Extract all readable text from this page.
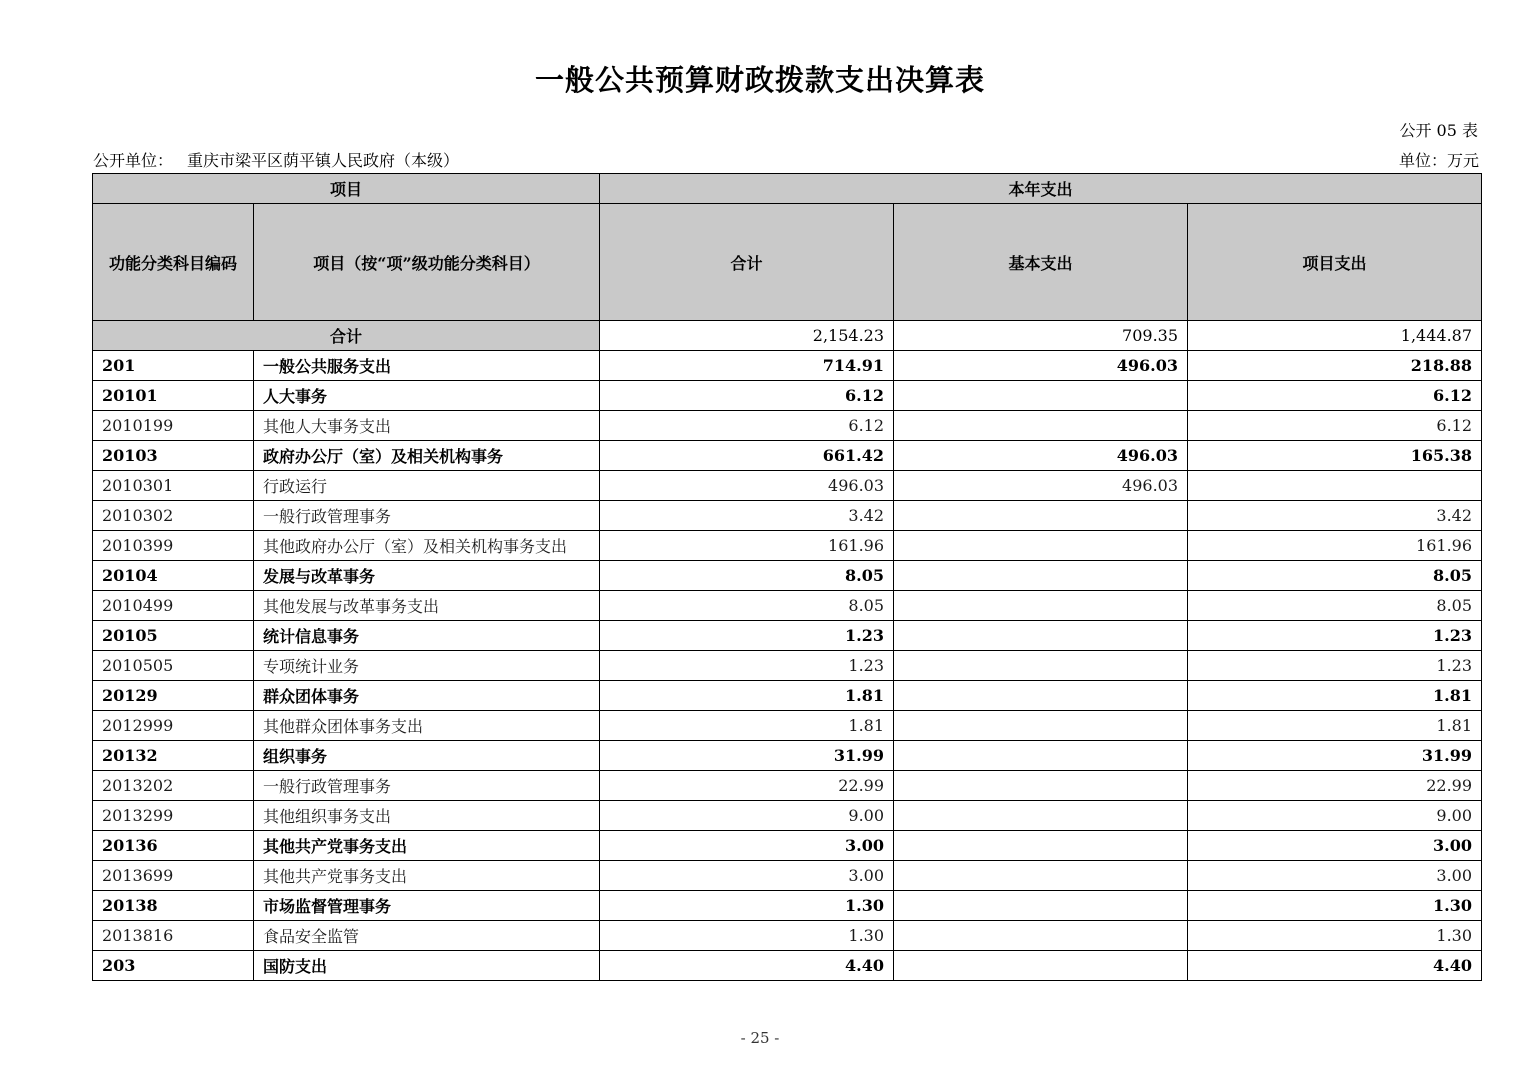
一般公共预算财政拨款支出决算表
公开 05 表
公开单位： 重庆市梁平区荫平镇人民政府（本级）	单位：万元
项目		本年支出		
功能分类科目编码	项目（按“项”级功能分类科目）	合计	基本支出	项目支出
合计		2,154.23	709.35	1,444.87
201	一般公共服务支出	714.91	496.03	218.88
20101	人大事务	6.12		6.12
2010199	其他人大事务支出	6.12		6.12
20103	政府办公厅（室）及相关机构事务	661.42	496.03	165.38
2010301	行政运行	496.03	496.03	
2010302	一般行政管理事务	3.42		3.42
2010399	其他政府办公厅（室）及相关机构事务支出	161.96		161.96
20104	发展与改革事务	8.05		8.05
2010499	其他发展与改革事务支出	8.05		8.05
20105	统计信息事务	1.23		1.23
2010505	专项统计业务	1.23		1.23
20129	群众团体事务	1.81		1.81
2012999	其他群众团体事务支出	1.81		1.81
20132	组织事务	31.99		31.99
2013202	一般行政管理事务	22.99		22.99
2013299	其他组织事务支出	9.00		9.00
20136	其他共产党事务支出	3.00		3.00
2013699	其他共产党事务支出	3.00		3.00
20138	市场监督管理事务	1.30		1.30
2013816	食品安全监管	1.30		1.30
203	国防支出	4.40		4.40
- 25 -
